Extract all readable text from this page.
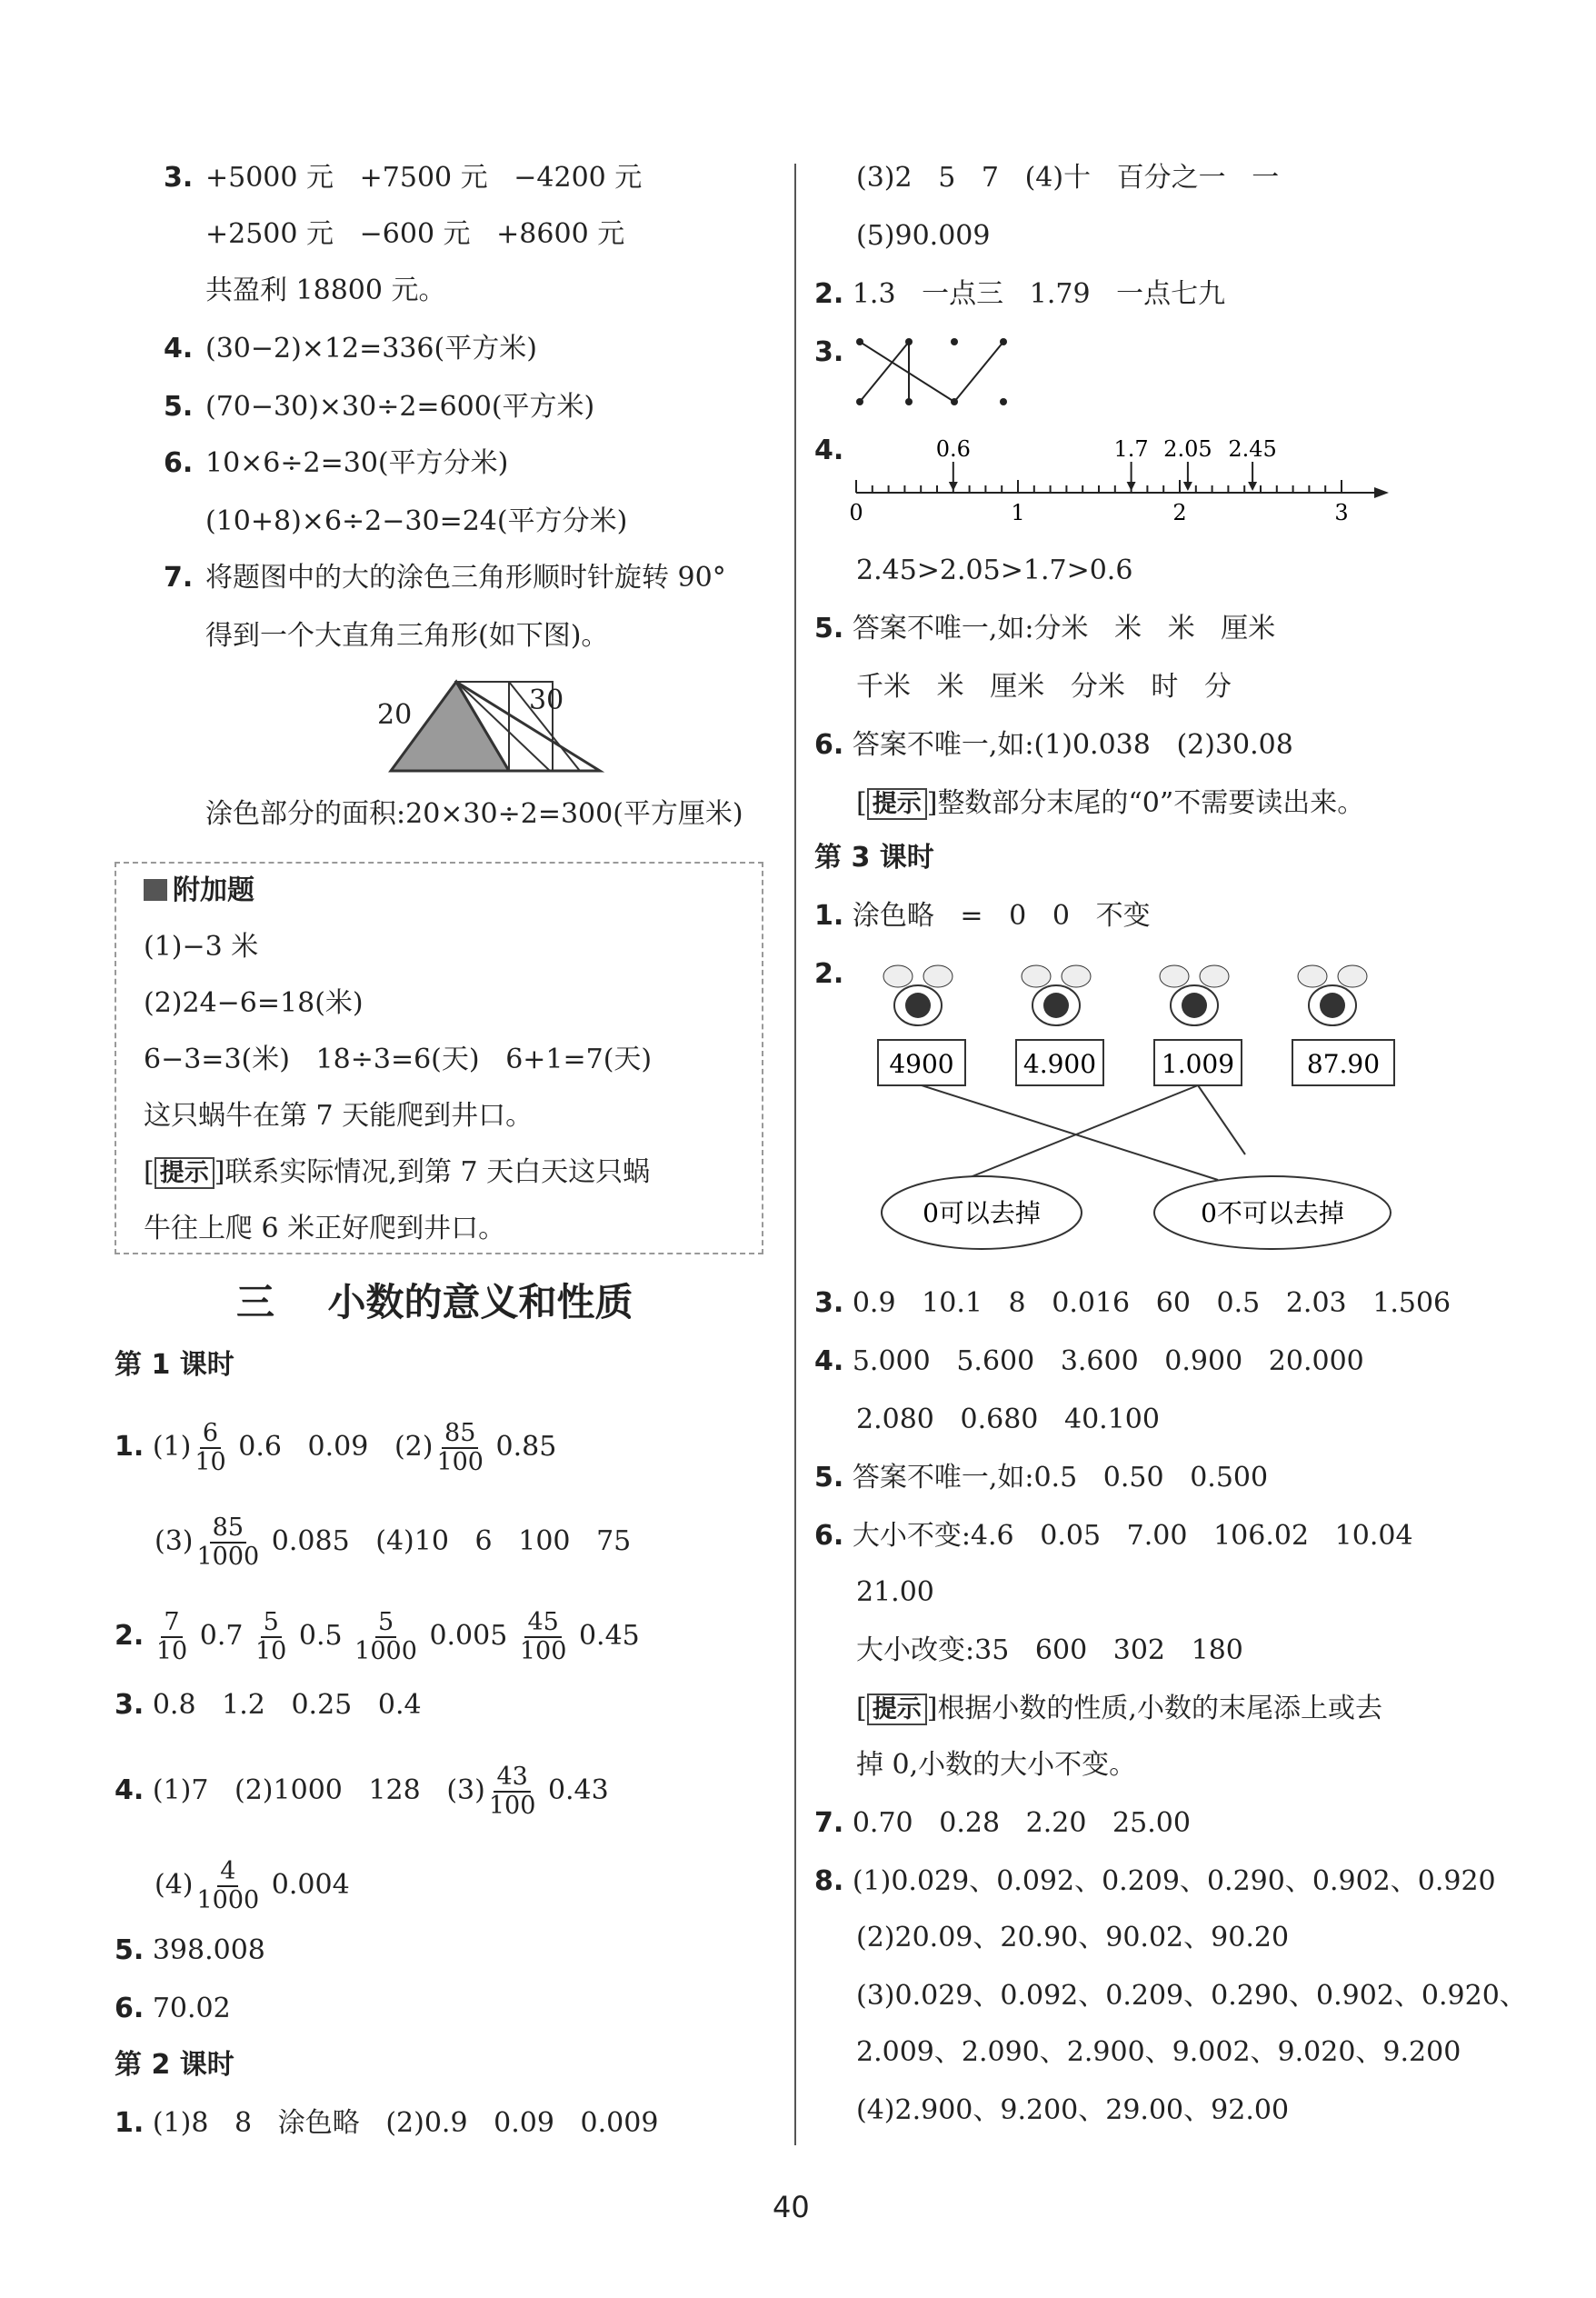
3. +5000 元   +7500 元   −4200 元
+2500 元   −600 元   +8600 元
共盈利 18800 元。
4. (30−2)×12=336(平方米)
5. (70−30)×30÷2=600(平方米)
6. 10×6÷2=30(平方分米)
(10+8)×6÷2−30=24(平方分米)
7. 将题图中的大的涂色三角形顺时针旋转 90°
得到一个大直角三角形(如下图)。
20	30
涂色部分的面积:20×30÷2=300(平方厘米)
附加题
(1)−3 米
(2)24−6=18(米)
6−3=3(米)   18÷3=6(天)   6+1=7(天)
这只蜗牛在第 7 天能爬到井口。
[ 提示 ]联系实际情况,到第 7 天白天这只蜗
牛往上爬 6 米正好爬到井口。
三    小数的意义和性质
第 1 课时
1. $(1) \frac{6}{10} 0.6$   0.09   $(2) \frac{85}{100} 0.85$
$(3) \frac{85}{1000} 0.085$   (4)10   6   100   75
2. $\frac{7}{10} 0.7 \frac{5}{10} 0.5 \frac{5}{1000} 0.005 \frac{45}{100} 0.45$
3. 0.8   1.2   0.25   0.4
4. (1)7   (2)1000   128   $(3) \frac{43}{100} 0.43$
$(4) \frac{4}{1000} 0.004$
5. 398.008
6. 70.02
第 2 课时
1. (1)8   8   涂色略   (2)0.9   0.09   0.009
(3)2   5   7   (4)十   百分之一   一
(5)90.009
2. 1.3   一点三   1.79   一点七九
3.
4.
0	1	2	3
0.6	1.7 2.05 2.45
2.45>2.05>1.7>0.6
5. 答案不唯一,如:分米   米   米   厘米
千米   米   厘米   分米   时   分
6. 答案不唯一,如:(1)0.038   (2)30.08
[ 提示 ]整数部分末尾的“0”不需要读出来。
第 3 课时
1. 涂色略   =   0   0   不变
2.
4900	4.900	1.009	87.90
0可以去掉	0不可以去掉
3. 0.9   10.1   8   0.016   60   0.5   2.03   1.506
4. 5.000   5.600   3.600   0.900   20.000
2.080   0.680   40.100
5. 答案不唯一,如:0.5   0.50   0.500
6. 大小不变:4.6   0.05   7.00   106.02   10.04
21.00
大小改变:35   600   302   180
[ 提示 ]根据小数的性质,小数的末尾添上或去
掉 0,小数的大小不变。
7. 0.70   0.28   2.20   25.00
8. (1)0.029、0.092、0.209、0.290、0.902、0.920
(2)20.09、20.90、90.02、90.20
(3)0.029、0.092、0.209、0.290、0.902、0.920、
2.009、2.090、2.900、9.002、9.020、9.200
(4)2.900、9.200、29.00、92.00
40
